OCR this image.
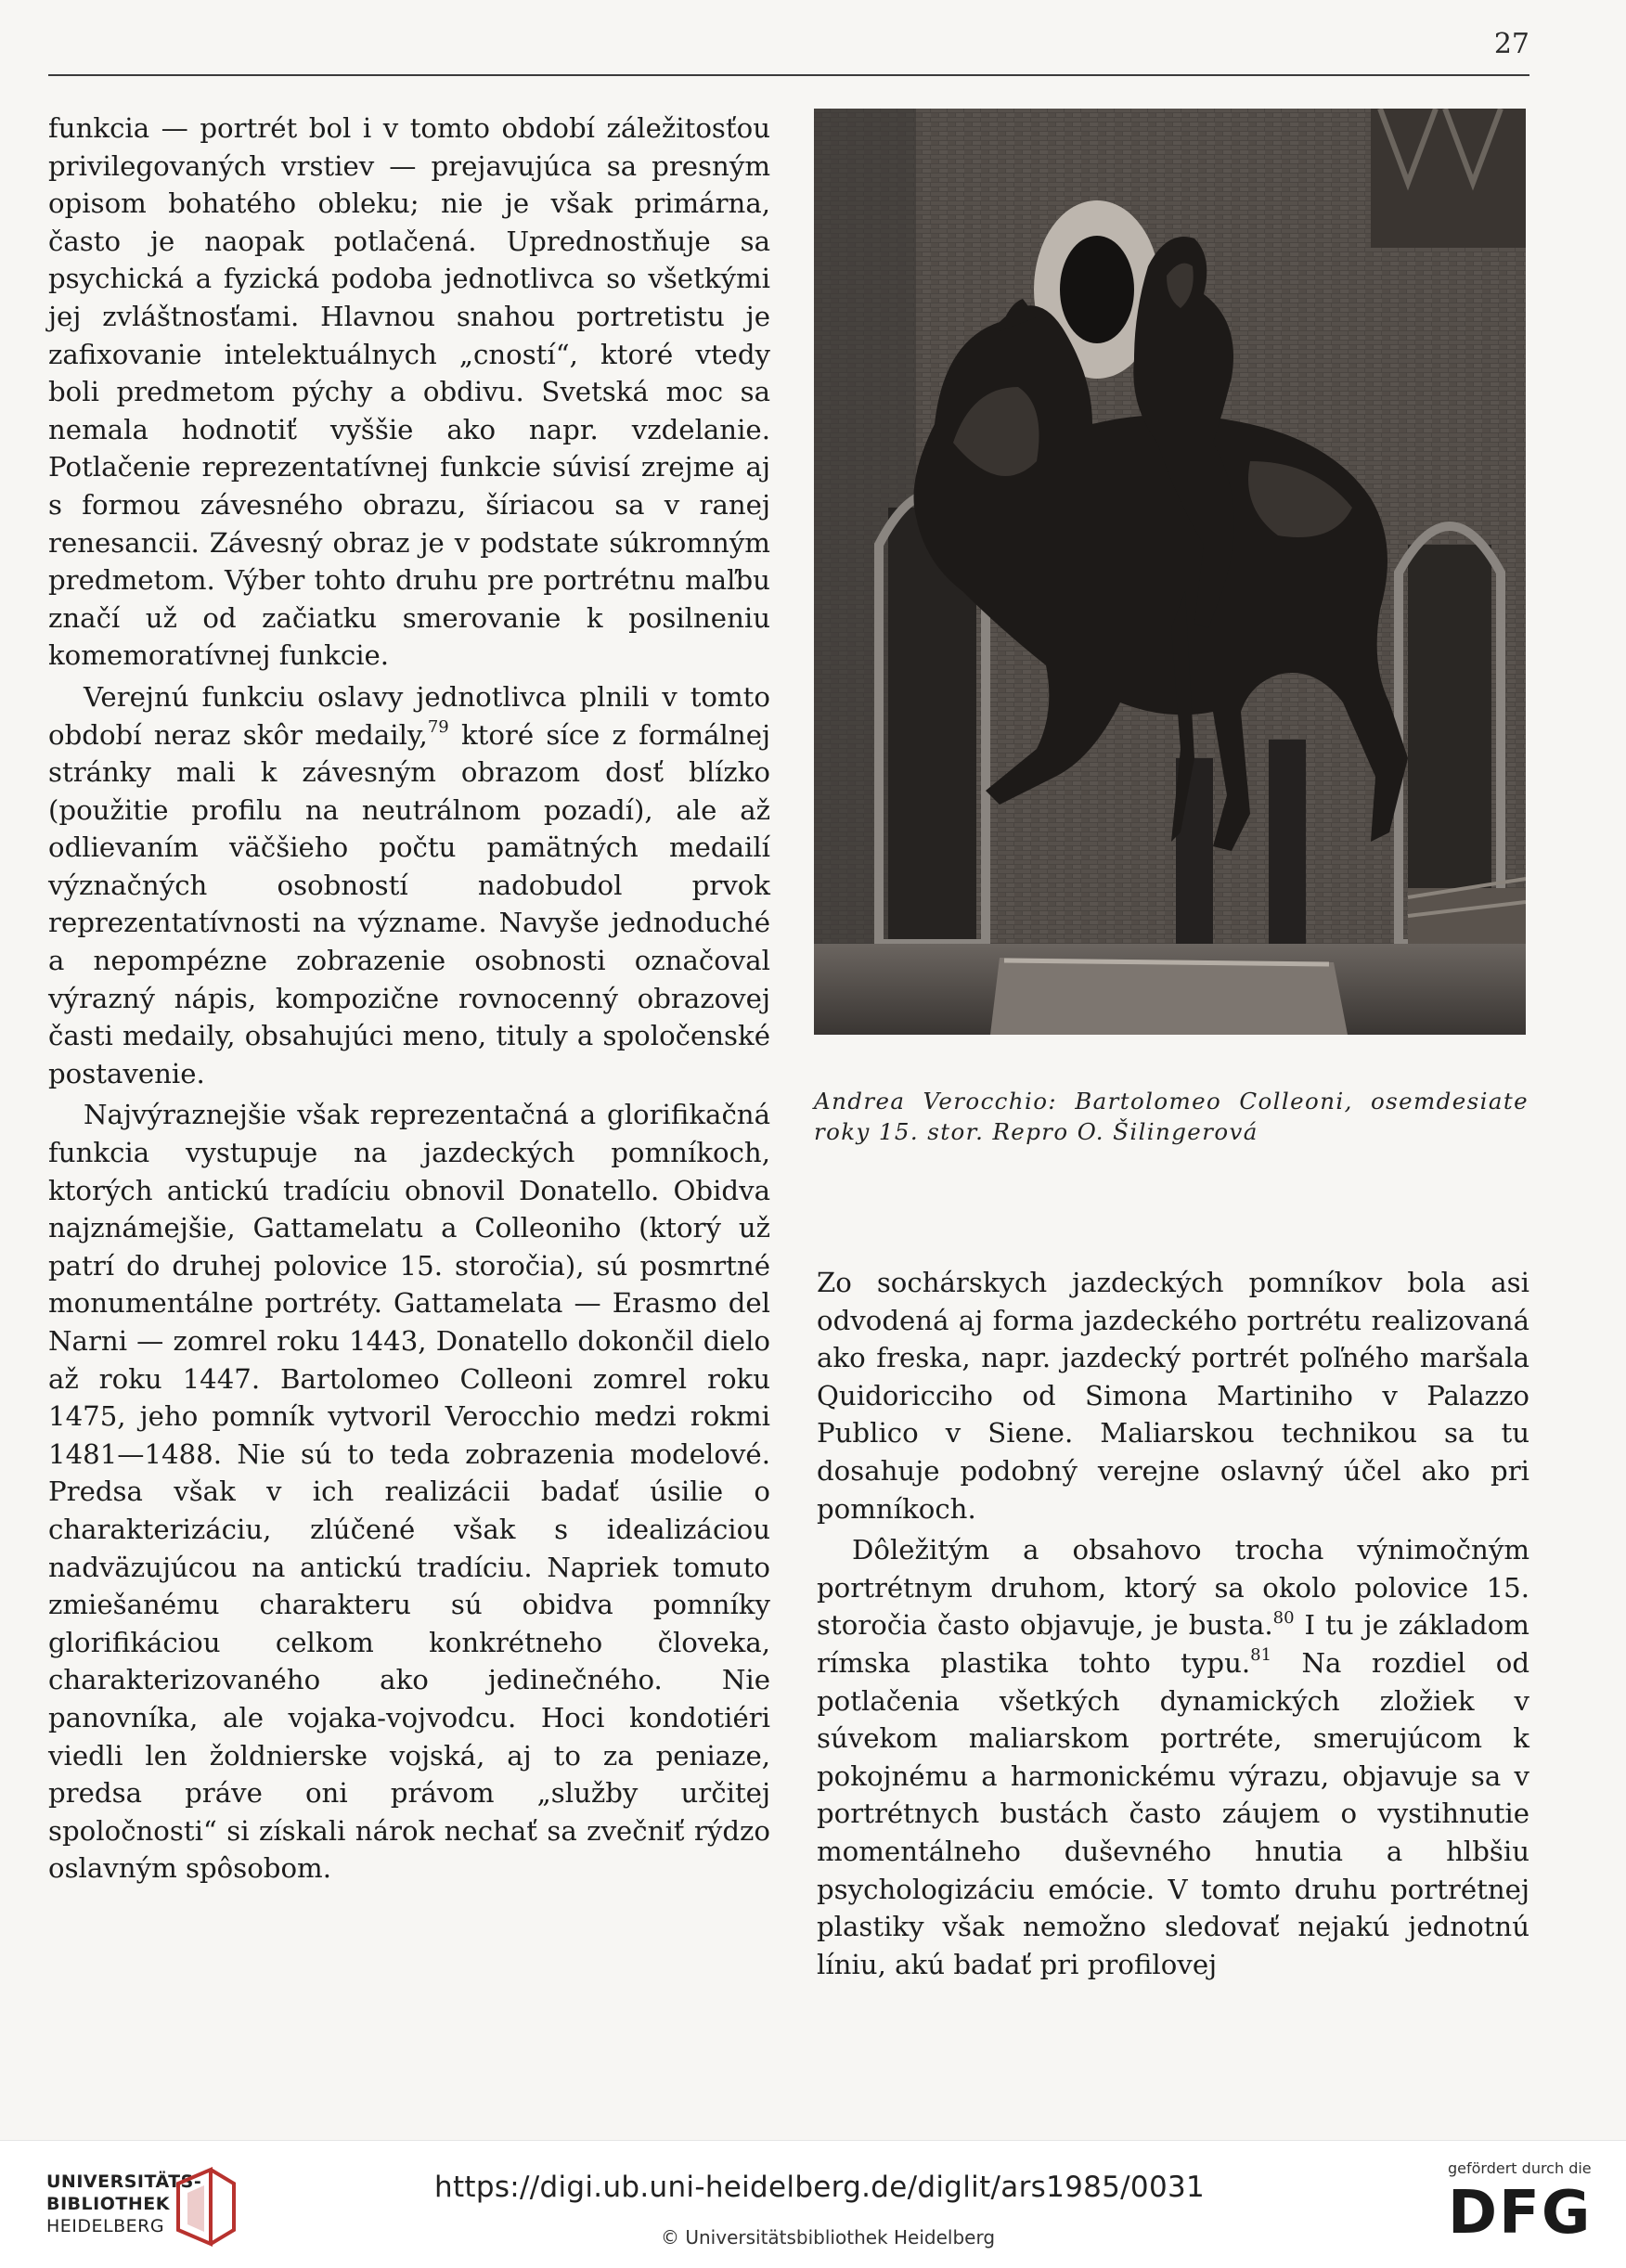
27

funkcia — portrét bol i v tomto období záležitosťou privilegovaných vrstiev — prejavujúca sa presným opisom bohatého obleku; nie je však primárna, často je naopak potlačená. Uprednostňuje sa psychická a fyzická podoba jednotlivca so všetkými jej zvláštnosťami. Hlavnou snahou portretistu je zafixovanie intelektuálnych „cností“, ktoré vtedy boli predmetom pýchy a obdivu. Svetská moc sa nemala hodnotiť vyššie ako napr. vzdelanie. Potlačenie reprezentatívnej funkcie súvisí zrejme aj s formou závesného obrazu, šíriacou sa v ranej renesancii. Závesný obraz je v podstate súkromným predmetom. Výber tohto druhu pre portrétnu maľbu značí už od začiatku smerovanie k posilneniu komemoratívnej funkcie.

Verejnú funkciu oslavy jednotlivca plnili v tomto období neraz skôr medaily,$^{79}$ ktoré síce z formálnej stránky mali k závesným obrazom dosť blízko (použitie profilu na neutrálnom pozadí), ale až odlievaním väčšieho počtu pamätných medailí význačných osobností nadobudol prvok reprezentatívnosti na význame. Navyše jednoduché a nepompézne zobrazenie osobnosti označoval výrazný nápis, kompozične rovnocenný obrazovej časti medaily, obsahujúci meno, tituly a spoločenské postavenie.

Najvýraznejšie však reprezentačná a glorifikačná funkcia vystupuje na jazdeckých pomníkoch, ktorých antickú tradíciu obnovil Donatello. Obidva najznámejšie, Gattamelatu a Colleoniho (ktorý už patrí do druhej polovice 15. storočia), sú posmrtné monumentálne portréty. Gattamelata — Erasmo del Narni — zomrel roku 1443, Donatello dokončil dielo až roku 1447. Bartolomeo Colleoni zomrel roku 1475, jeho pomník vytvoril Verocchio medzi rokmi 1481—1488. Nie sú to teda zobrazenia modelové. Predsa však v ich realizácii badať úsilie o charakterizáciu, zlúčené však s idealizáciou nadväzujúcou na antickú tradíciu. Napriek tomuto zmiešanému charakteru sú obidva pomníky glorifikáciou celkom konkrétneho človeka, charakterizovaného ako jedinečného. Nie panovníka, ale vojaka-vojvodcu. Hoci kondotiéri viedli len žoldnierske vojská, aj to za peniaze, predsa práve oni právom „služby určitej spoločnosti“ si získali nárok nechať sa zvečniť rýdzo oslavným spôsobom.

Andrea Verocchio: Bartolomeo Colleoni, osemdesiate roky 15. stor. Repro O. Šilingerová

Zo sochárskych jazdeckých pomníkov bola asi odvodená aj forma jazdeckého portrétu realizovaná ako freska, napr. jazdecký portrét poľného maršala Quidoricciho od Simona Martiniho v Palazzo Publico v Siene. Maliarskou technikou sa tu dosahuje podobný verejne oslavný účel ako pri pomníkoch.

Dôležitým a obsahovo trocha výnimočným portrétnym druhom, ktorý sa okolo polovice 15. storočia často objavuje, je busta.$^{80}$ I tu je základom rímska plastika tohto typu.$^{81}$ Na rozdiel od potlačenia všetkých dynamických zložiek v súvekom maliarskom portréte, smerujúcom k pokojnému a harmonickému výrazu, objavuje sa v portrétnych bustách často záujem o vystihnutie momentálneho duševného hnutia a hlbšiu psychologizáciu emócie. V tomto druhu portrétnej plastiky však nemožno sledovať nejakú jednotnú líniu, akú badať pri profilovej

UNIVERSITÄTS-
BIBLIOTHEK
HEIDELBERG
https://digi.ub.uni-heidelberg.de/diglit/ars1985/0031
© Universitätsbibliothek Heidelberg
gefördert durch die
DFG
